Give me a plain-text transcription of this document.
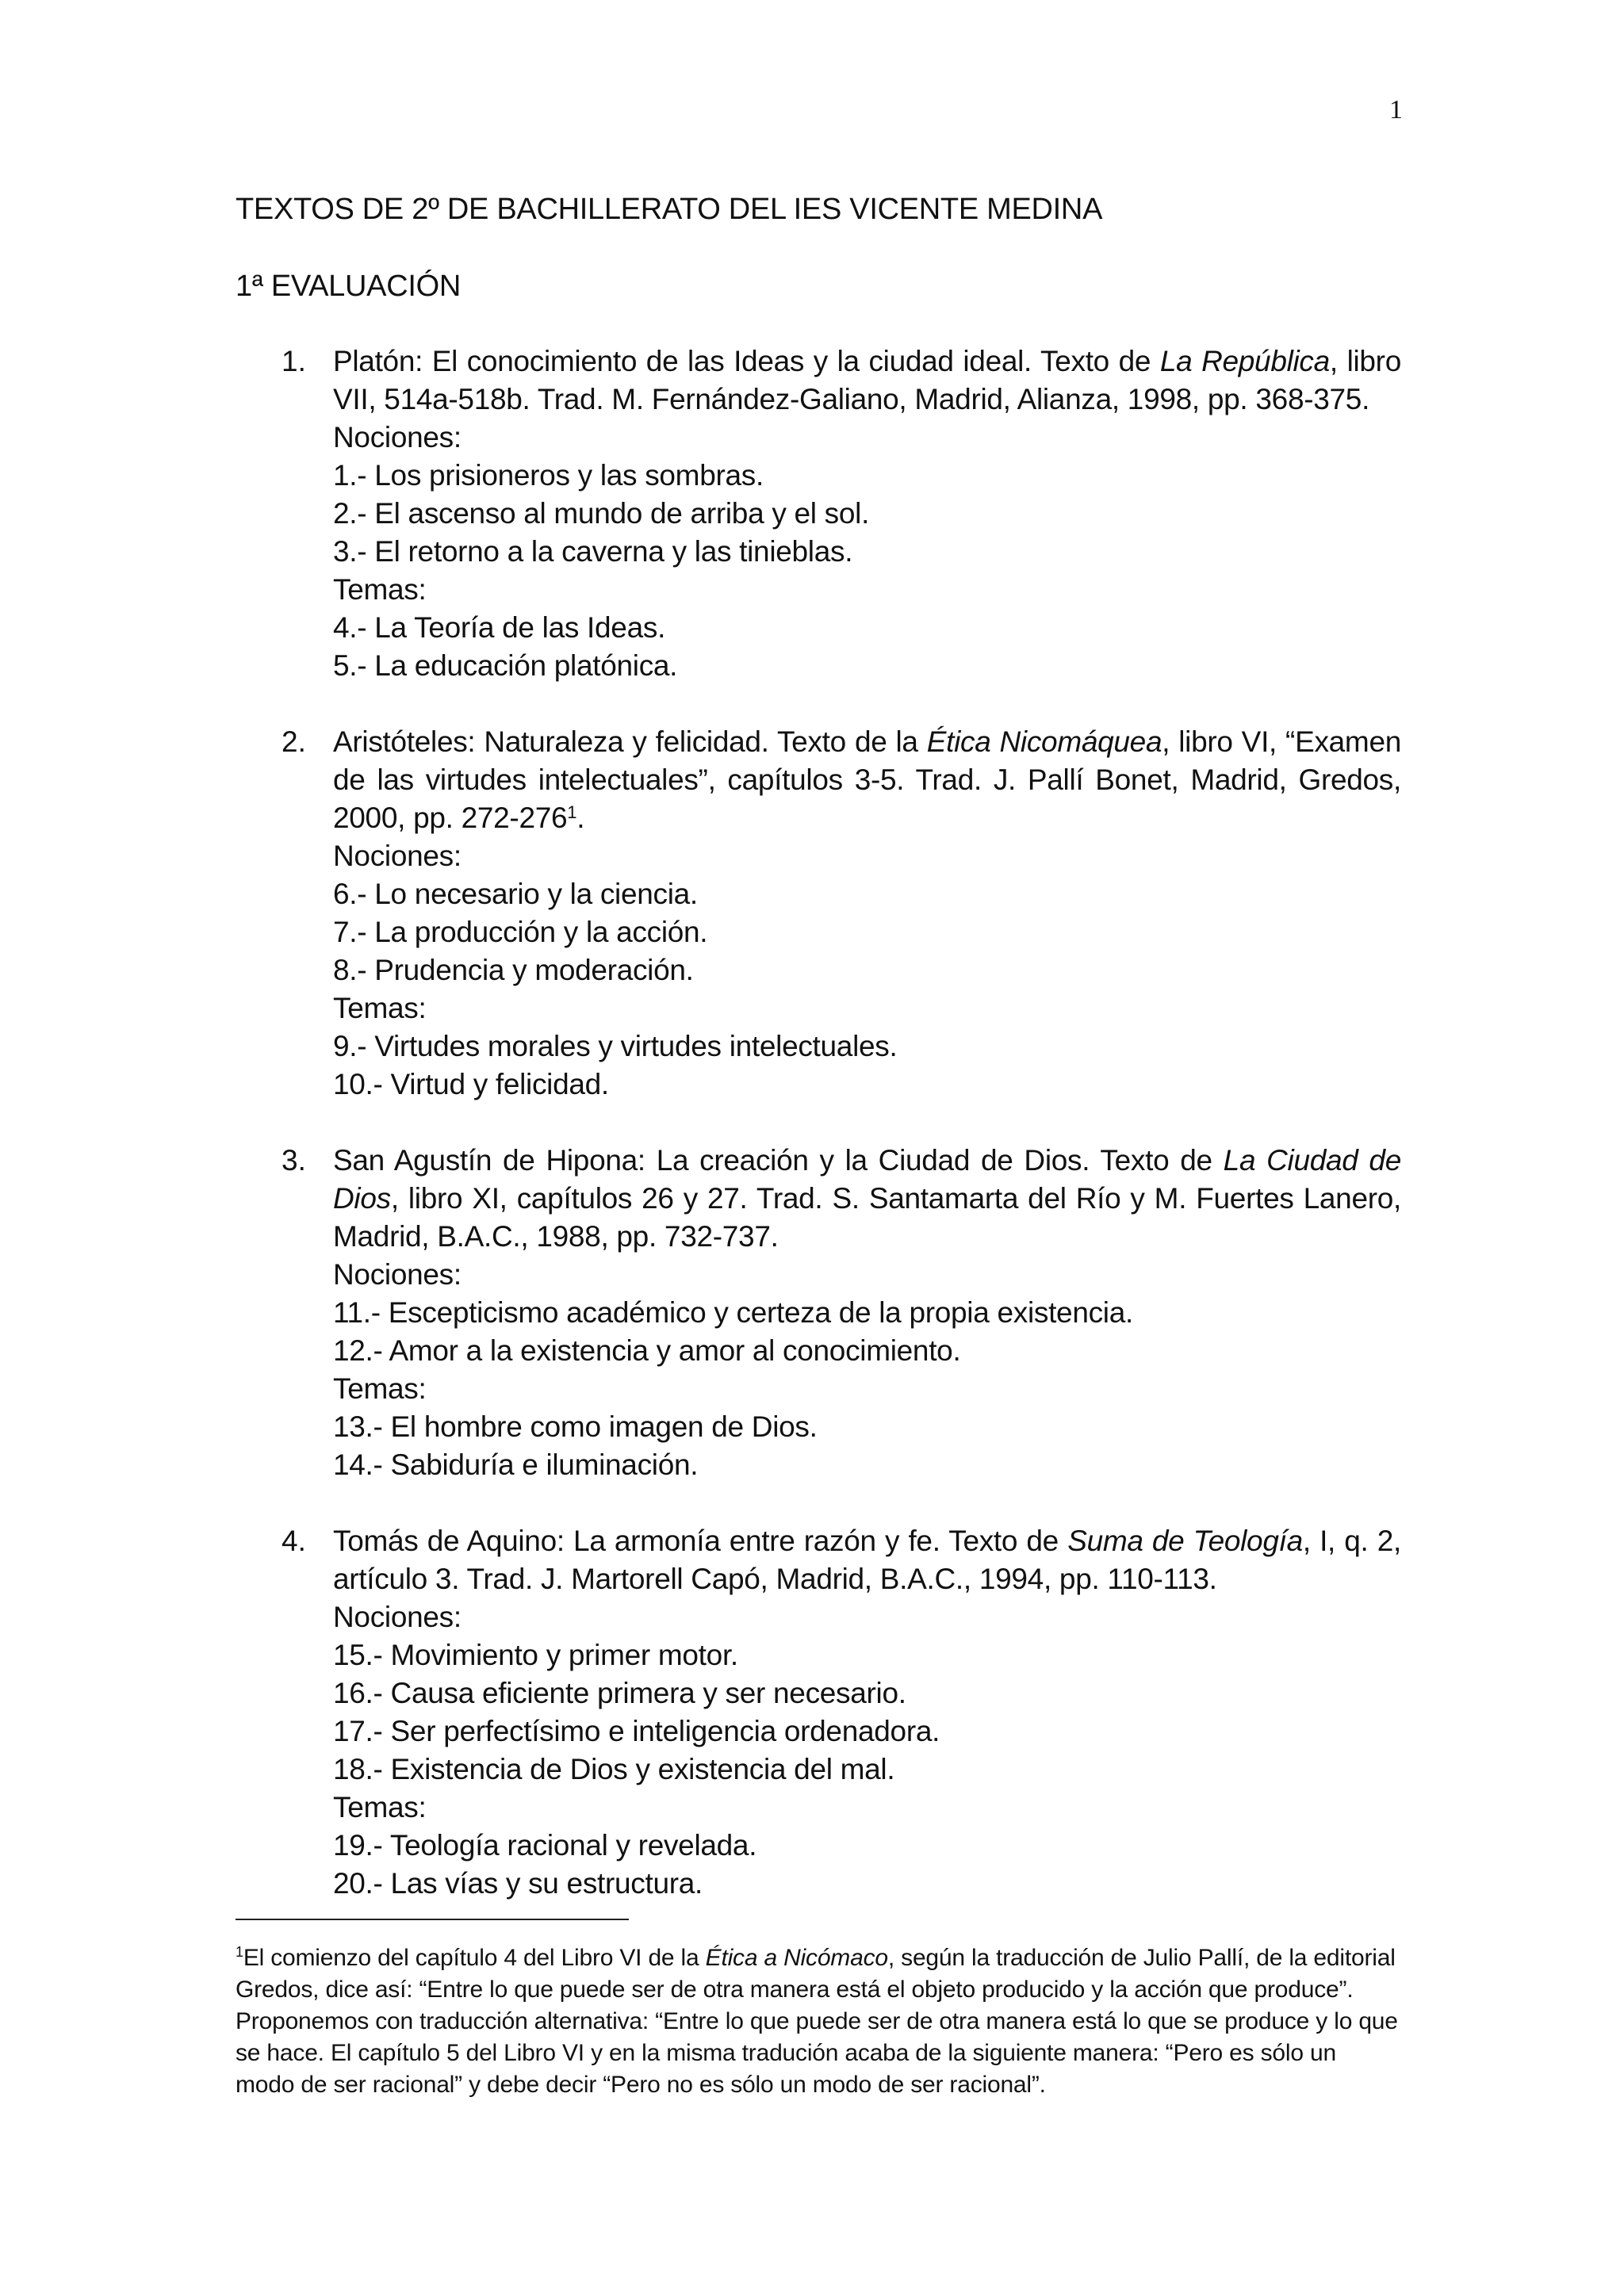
1

TEXTOS DE 2º DE BACHILLERATO DEL IES VICENTE MEDINA
1ª EVALUACIÓN
1. Platón: El conocimiento de las Ideas y la ciudad ideal. Texto de La República, libro VII, 514a-518b. Trad. M. Fernández-Galiano, Madrid, Alianza, 1998, pp. 368-375.

Nociones:

1.- Los prisioneros y las sombras.

2.- El ascenso al mundo de arriba y el sol.

3.- El retorno a la caverna y las tinieblas.

Temas:

4.- La Teoría de las Ideas.

5.- La educación platónica.

2. Aristóteles: Naturaleza y felicidad. Texto de la Ética Nicomáquea, libro VI, “Examen de las virtudes intelectuales”, capítulos 3-5. Trad. J. Pallí Bonet, Madrid, Gredos, 2000, pp. $272-276^1$.

Nociones:

6.- Lo necesario y la ciencia.

7.- La producción y la acción.

8.- Prudencia y moderación.

Temas:

9.- Virtudes morales y virtudes intelectuales.

10.- Virtud y felicidad.

3. San Agustín de Hipona: La creación y la Ciudad de Dios. Texto de La Ciudad de Dios, libro XI, capítulos 26 y 27. Trad. S. Santamarta del Río y M. Fuertes Lanero, Madrid, B.A.C., 1988, pp. 732-737.

Nociones:

11.- Escepticismo académico y certeza de la propia existencia.

12.- Amor a la existencia y amor al conocimiento.

Temas:

13.- El hombre como imagen de Dios.

14.- Sabiduría e iluminación.

4. Tomás de Aquino: La armonía entre razón y fe. Texto de Suma de Teología, I, q. 2, artículo 3. Trad. J. Martorell Capó, Madrid, B.A.C., 1994, pp. 110-113.

Nociones:

15.- Movimiento y primer motor.

16.- Causa eficiente primera y ser necesario.

17.- Ser perfectísimo e inteligencia ordenadora.

18.- Existencia de Dios y existencia del mal.

Temas:

19.- Teología racional y revelada.

20.- Las vías y su estructura.

$^1$El comienzo del capítulo 4 del Libro VI de la Ética a Nicómaco, según la traducción de Julio Pallí, de la editorial Gredos, dice así: “Entre lo que puede ser de otra manera está el objeto producido y la acción que produce”. Proponemos con traducción alternativa: “Entre lo que puede ser de otra manera está lo que se produce y lo que se hace. El capítulo 5 del Libro VI y en la misma tradución acaba de la siguiente manera: “Pero es sólo un modo de ser racional” y debe decir “Pero no es sólo un modo de ser racional”.
